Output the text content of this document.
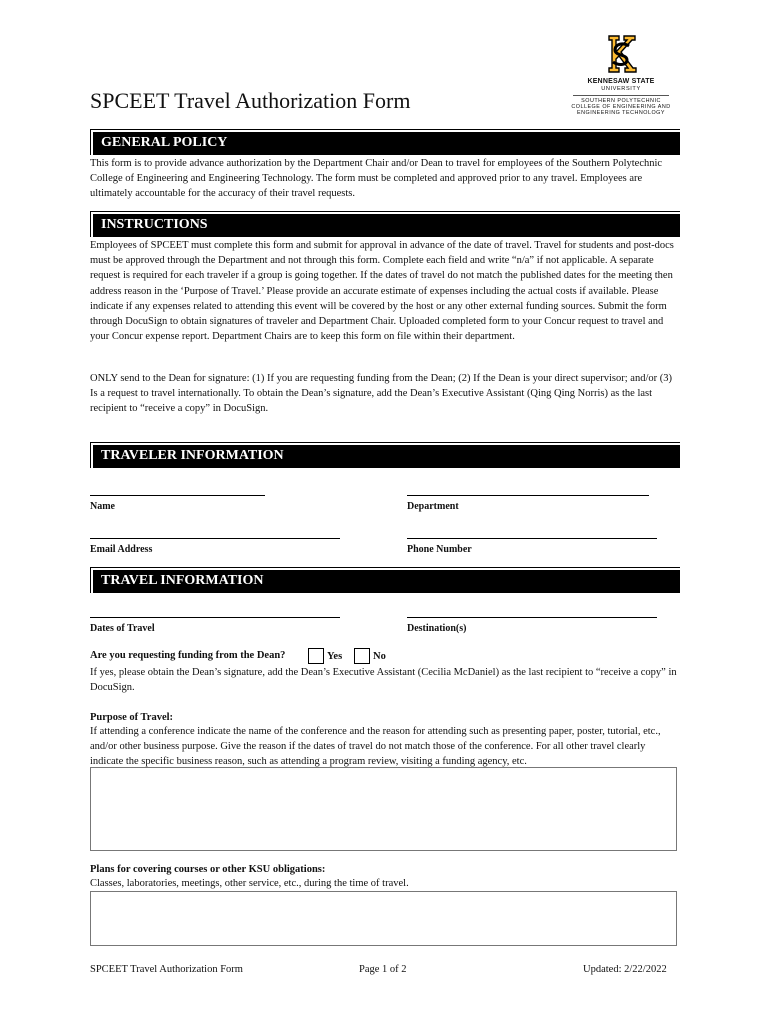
KENNESAW STATE
UNIVERSITY
SOUTHERN POLYTECHNIC
COLLEGE OF ENGINEERING AND
ENGINEERING TECHNOLOGY
SPCEET Travel Authorization Form
GENERAL POLICY
This form is to provide advance authorization by the Department Chair and/or Dean to travel for employees of the Southern Polytechnic College of Engineering and Engineering Technology. The form must be completed and approved prior to any travel. Employees are ultimately accountable for the accuracy of their travel requests.
INSTRUCTIONS
Employees of SPCEET must complete this form and submit for approval in advance of the date of travel. Travel for students and post-docs must be approved through the Department and not through this form. Complete each field and write “n/a” if not applicable. A separate request is required for each traveler if a group is going together. If the dates of travel do not match the published dates for the meeting then address reason in the ‘Purpose of Travel.’ Please provide an accurate estimate of expenses including the actual costs if available. Please indicate if any expenses related to attending this event will be covered by the host or any other external funding sources. Submit the form through DocuSign to obtain signatures of traveler and Department Chair. Uploaded completed form to your Concur request to travel and your Concur expense report. Department Chairs are to keep this form on file within their department.
ONLY send to the Dean for signature: (1) If you are requesting funding from the Dean; (2) If the Dean is your direct supervisor; and/or (3) Is a request to travel internationally. To obtain the Dean’s signature, add the Dean’s Executive Assistant (Qing Qing Norris) as the last recipient to “receive a copy” in DocuSign.
TRAVELER INFORMATION
Name	Department
Email Address	Phone Number
TRAVEL INFORMATION
Dates of Travel	Destination(s)
Are you requesting funding from the Dean?	Yes	No
If yes, please obtain the Dean’s signature, add the Dean’s Executive Assistant (Cecilia McDaniel) as the last recipient to “receive a copy” in DocuSign.
Purpose of Travel:
If attending a conference indicate the name of the conference and the reason for attending such as presenting paper, poster, tutorial, etc., and/or other business purpose. Give the reason if the dates of travel do not match those of the conference. For all other travel clearly indicate the specific business reason, such as attending a program review, visiting a funding agency, etc.
Plans for covering courses or other KSU obligations:
Classes, laboratories, meetings, other service, etc., during the time of travel.
SPCEET Travel Authorization Form	Page 1 of 2	Updated: 2/22/2022
